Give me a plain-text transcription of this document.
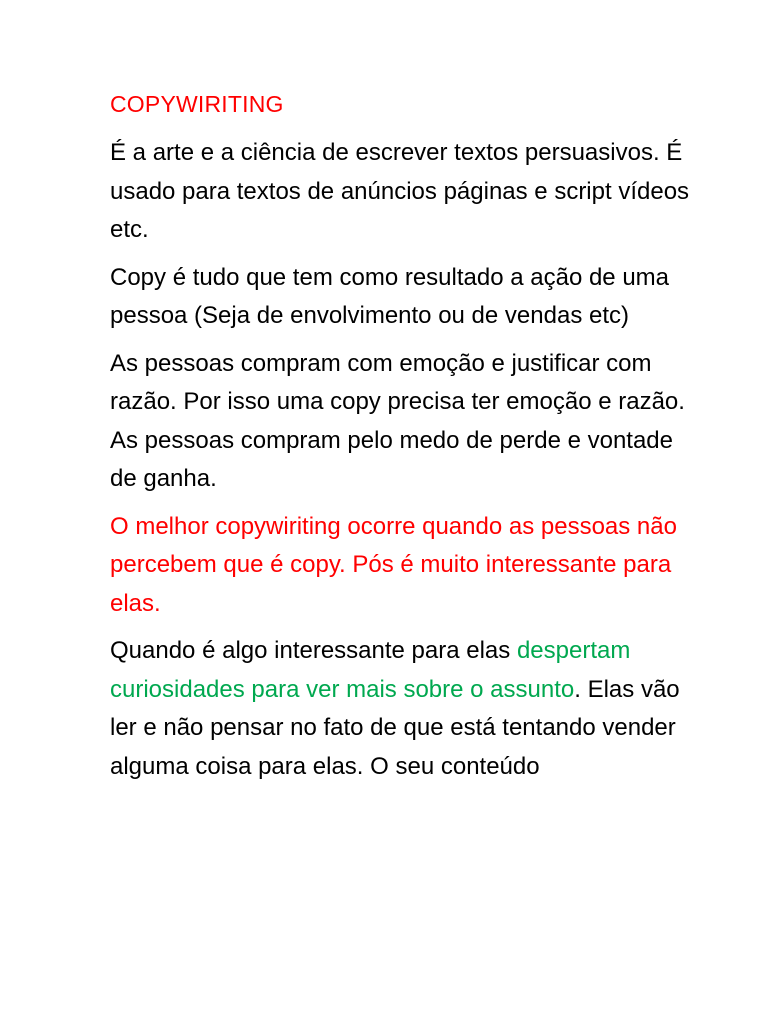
COPYWIRITING

É a arte e a ciência de escrever textos persuasivos. É usado para textos de anúncios páginas e script vídeos etc.

Copy é tudo que tem como resultado a ação de uma pessoa (Seja de envolvimento ou de vendas etc)

As pessoas compram com emoção e justificar com razão. Por isso uma copy precisa ter emoção e razão. As pessoas compram pelo medo de perde e vontade de ganha.

O melhor copywiriting ocorre quando as pessoas não percebem que é copy. Pós é muito interessante para elas.

Quando é algo interessante para elas despertam curiosidades para ver mais sobre o assunto. Elas vão ler e não pensar no fato de que está tentando vender alguma coisa para elas. O seu conteúdo
